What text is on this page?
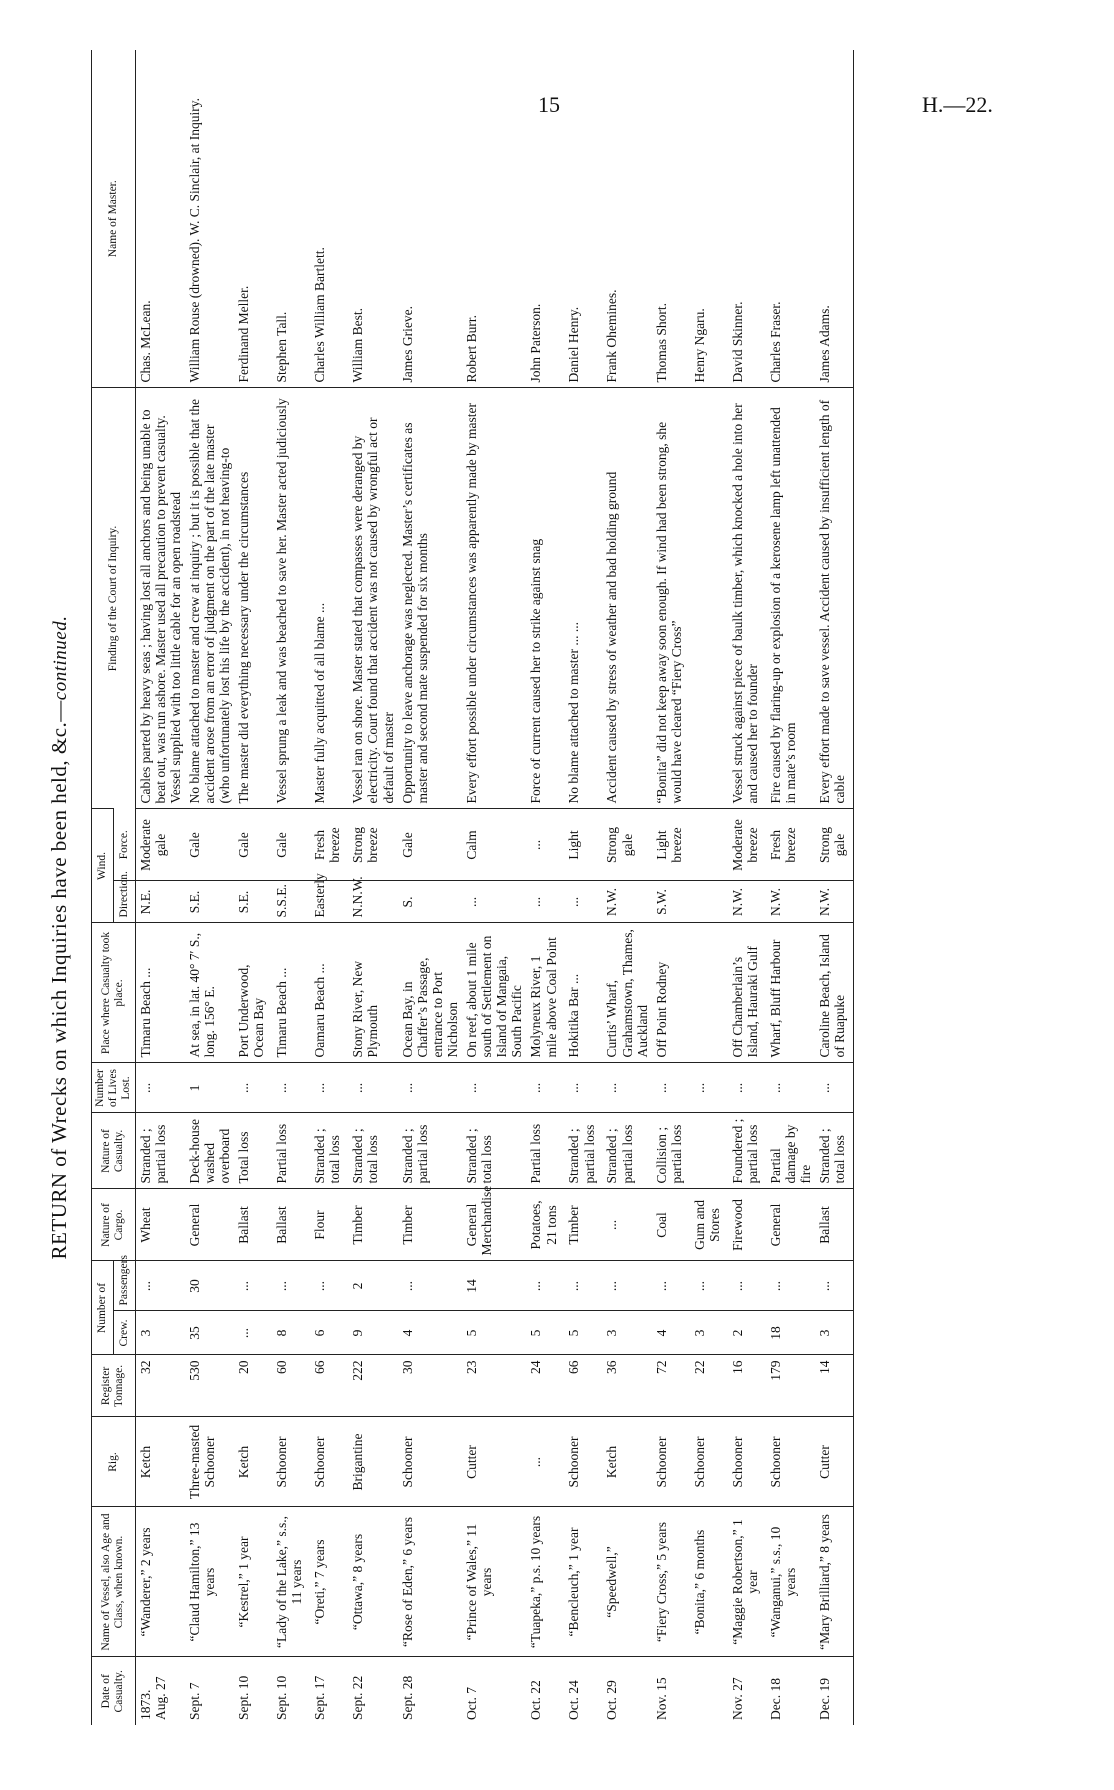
15	H.—22.
RETURN of Wrecks on which Inquiries have been held, &c.—continued.
Date of Casualty.	Name of Vessel, also Age and Class, when known.	Rig.	Register Tonnage.	Number of		Nature of Cargo.	Nature of Casualty.	Number of Lives Lost.	Place where Casualty took place.	Wind.		Finding of the Court of Inquiry.	Name of Master.
				Crew.	Passengers					Direction.	Force.		
1873. Aug. 27	“Wanderer,” 2 years	Ketch	32	3	...	Wheat	Stranded ; partial loss	...	Timaru Beach ...	N.E.	Moderate gale	Cables parted by heavy seas ; having lost all anchors and being unable to beat out, was run ashore. Master used all precaution to prevent casualty. Vessel supplied with too little cable for an open roadstead	Chas. McLean.
Sept. 7	“Claud Hamilton,” 13 years	Three-masted Schooner	530	35	30	General	Deck-house washed overboard	1	At sea, in lat. 40° 7′ S., long. 156° E.	S.E.	Gale	No blame attached to master and crew at inquiry ; but it is possible that the accident arose from an error of judgment on the part of the late master (who unfortunately lost his life by the accident), in not heaving-to	William Rouse (drowned). W. C. Sinclair, at Inquiry.
Sept. 10	“Kestrel,” 1 year	Ketch	20	...	...	Ballast	Total loss	...	Port Underwood, Ocean Bay	S.E.	Gale	The master did everything necessary under the circumstances	Ferdinand Meller.
Sept. 10	“Lady of the Lake,” s.s., 11 years	Schooner	60	8	...	Ballast	Partial loss	...	Timaru Beach ...	S.S.E.	Gale	Vessel sprung a leak and was beached to save her. Master acted judiciously	Stephen Tall.
Sept. 17	“Oreti,” 7 years	Schooner	66	6	...	Flour	Stranded ; total loss	...	Oamaru Beach ...	Easterly	Fresh breeze	Master fully acquitted of all blame ...	Charles William Bartlett.
Sept. 22	“Ottawa,” 8 years	Brigantine	222	9	2	Timber	Stranded ; total loss	...	Stony River, New Plymouth	N.N.W.	Strong breeze	Vessel ran on shore. Master stated that compasses were deranged by electricity. Court found that accident was not caused by wrongful act or default of master	William Best.
Sept. 28	“Rose of Eden,” 6 years	Schooner	30	4	...	Timber	Stranded ; partial loss	...	Ocean Bay, in Chaffer’s Passage, entrance to Port Nicholson	S.	Gale	Opportunity to leave anchorage was neglected. Master’s certificates as master and second mate suspended for six months	James Grieve.
Oct. 7	“Prince of Wales,” 11 years	Cutter	23	5	14	General Merchandise	Stranded ; total loss	...	On reef, about 1 mile south of Settlement on Island of Mangaia, South Pacific	...	Calm	Every effort possible under circumstances was apparently made by master	Robert Burr.
Oct. 22	“Tuapeka,” p.s. 10 years	...	24	5	...	Potatoes, 21 tons	Partial loss	...	Molyneux River, 1 mile above Coal Point	...	...	Force of current caused her to strike against snag	John Paterson.
Oct. 24	“Bencleuch,” 1 year	Schooner	66	5	...	Timber	Stranded ; partial loss	...	Hokitika Bar ...	...	Light	No blame attached to master ... ...	Daniel Henry.
Oct. 29	“Speedwell,”	Ketch	36	3	...	...	Stranded ; partial loss	...	Curtis’ Wharf, Grahamstown, Thames, Auckland	N.W.	Strong gale	Accident caused by stress of weather and bad holding ground	Frank Ohemines.
Nov. 15	“Fiery Cross,” 5 years	Schooner	72	4	...	Coal	Collision ; partial loss	...	Off Point Rodney	S.W.	Light breeze	“Bonita” did not keep away soon enough. If wind had been strong, she would have cleared “Fiery Cross”	Thomas Short.
	“Bonita,” 6 months	Schooner	22	3	...	Gum and Stores		...					Henry Ngaru.
Nov. 27	“Maggie Robertson,” 1 year	Schooner	16	2	...	Firewood	Foundered ; partial loss	...	Off Chamberlain’s Island, Hauraki Gulf	N.W.	Moderate breeze	Vessel struck against piece of baulk timber, which knocked a hole into her and caused her to founder	David Skinner.
Dec. 18	“Wanganui,” s.s., 10 years	Schooner	179	18	...	General	Partial damage by fire	...	Wharf, Bluff Harbour	N.W.	Fresh breeze	Fire caused by flaring-up or explosion of a kerosene lamp left unattended in mate’s room	Charles Fraser.
Dec. 19	“Mary Brilliard,” 8 years	Cutter	14	3	...	Ballast	Stranded ; total loss	...	Caroline Beach, Island of Ruapuke	N.W.	Strong gale	Every effort made to save vessel. Accident caused by insufficient length of cable	James Adams.
